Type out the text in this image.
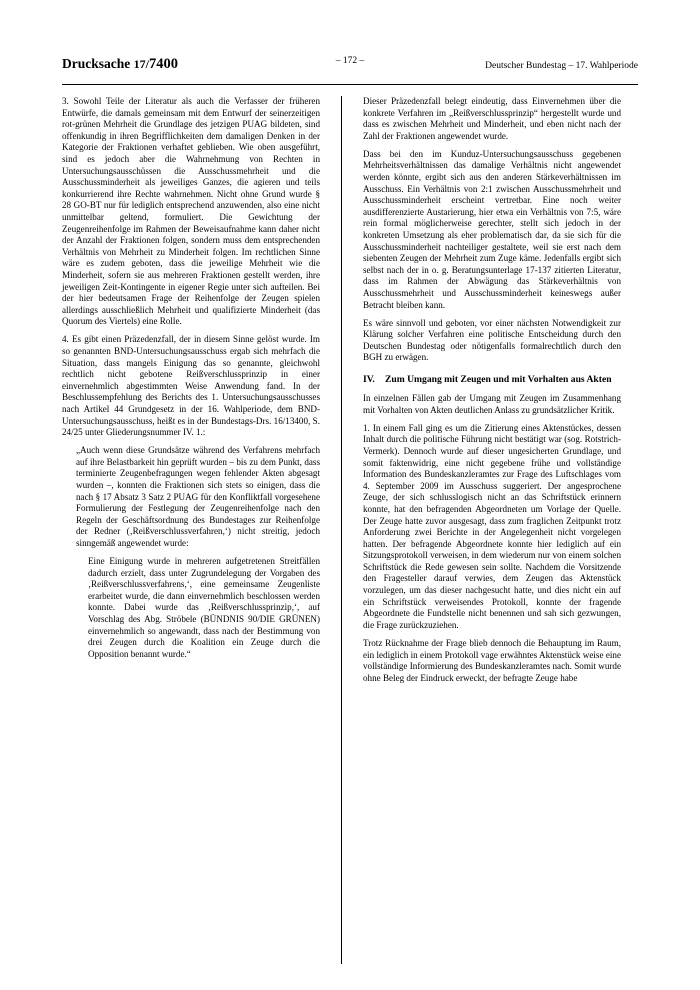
Drucksache 17/7400	– 172 –	Deutscher Bundestag – 17. Wahlperiode

3. Sowohl Teile der Literatur als auch die Verfasser der früheren Entwürfe, die damals gemeinsam mit dem Entwurf der seinerzeitigen rot-grünen Mehrheit die Grundlage des jetzigen PUAG bildeten, sind offenkundig in ihren Begrifflichkeiten dem damaligen Denken in der Kategorie der Fraktionen verhaftet geblieben. Wie oben ausgeführt, sind es jedoch aber die Wahrnehmung von Rechten in Untersuchungsausschüssen die Ausschussmehrheit und die Ausschussminderheit als jeweiliges Ganzes, die agieren und teils konkurrierend ihre Rechte wahrnehmen. Nicht ohne Grund wurde § 28 GO-BT nur für lediglich entsprechend anzuwenden, also eine nicht unmittelbar geltend, formuliert. Die Gewichtung der Zeugenreihenfolge im Rahmen der Beweisaufnahme kann daher nicht der Anzahl der Fraktionen folgen, sondern muss dem entsprechenden Verhältnis von Mehrheit zu Minderheit folgen. Im rechtlichen Sinne wäre es zudem geboten, dass die jeweilige Mehrheit wie die Minderheit, sofern sie aus mehreren Fraktionen gestellt werden, ihre jeweiligen Zeit-Kontingente in eigener Regie unter sich aufteilen. Bei der hier bedeutsamen Frage der Reihenfolge der Zeugen spielen allerdings ausschließlich Mehrheit und qualifizierte Minderheit (das Quorum des Viertels) eine Rolle.

4. Es gibt einen Präzedenzfall, der in diesem Sinne gelöst wurde. Im so genannten BND-Untersuchungsausschuss ergab sich mehrfach die Situation, dass mangels Einigung das so genannte, gleichwohl rechtlich nicht gebotene Reißverschlussprinzip in einer einvernehmlich abgestimmten Weise Anwendung fand. In der Beschlussempfehlung des Berichts des 1. Untersuchungsausschusses nach Artikel 44 Grundgesetz in der 16. Wahlperiode, dem BND-Untersuchungsausschuss, heißt es in der Bundestags-Drs. 16/13400, S. 24/25 unter Gliederungsnummer IV. 1.:

„Auch wenn diese Grundsätze während des Verfahrens mehrfach auf ihre Belastbarkeit hin geprüft wurden – bis zu dem Punkt, dass terminierte Zeugenbefragungen wegen fehlender Akten abgesagt wurden –, konnten die Fraktionen sich stets so einigen, dass die nach § 17 Absatz 3 Satz 2 PUAG für den Konfliktfall vorgesehene Formulierung der Festlegung der Zeugenreihenfolge nach den Regeln der Geschäftsordnung des Bundestages zur Reihenfolge der Redner (‚Reißverschlussverfahren,‘) nicht streitig, jedoch sinngemäß angewendet wurde:

Eine Einigung wurde in mehreren aufgetretenen Streitfällen dadurch erzielt, dass unter Zugrundelegung der Vorgaben des ‚Reißverschlussverfahrens,‘, eine gemeinsame Zeugenliste erarbeitet wurde, die dann einvernehmlich beschlossen werden konnte. Dabei wurde das ‚Reißverschlussprinzip,‘, auf Vorschlag des Abg. Ströbele (BÜNDNIS 90/DIE GRÜNEN) einvernehmlich so angewandt, dass nach der Bestimmung von drei Zeugen durch die Koalition ein Zeuge durch die Opposition benannt wurde.“

Dieser Präzedenzfall belegt eindeutig, dass Einvernehmen über die konkrete Verfahren im „Reißverschlussprinzip“ hergestellt wurde und dass es zwischen Mehrheit und Minderheit, und eben nicht nach der Zahl der Fraktionen angewendet wurde.

Dass bei den im Kunduz-Untersuchungsausschuss gegebenen Mehrheitsverhältnissen das damalige Verhältnis nicht angewendet werden könnte, ergibt sich aus den anderen Stärkeverhältnissen im Ausschuss. Ein Verhältnis von 2:1 zwischen Ausschussmehrheit und Ausschussminderheit erscheint vertretbar. Eine noch weiter ausdifferenzierte Austarierung, hier etwa ein Verhältnis von 7:5, wäre rein formal möglicherweise gerechter, stellt sich jedoch in der konkreten Umsetzung als eher problematisch dar, da sie sich für die Ausschussminderheit nachteiliger gestaltete, weil sie erst nach dem siebenten Zeugen der Mehrheit zum Zuge käme. Jedenfalls ergibt sich selbst nach der in o. g. Beratungsunterlage 17-137 zitierten Literatur, dass im Rahmen der Abwägung das Stärkeverhältnis von Ausschussmehrheit und Ausschussminderheit keineswegs außer Betracht bleiben kann.

Es wäre sinnvoll und geboten, vor einer nächsten Notwendigkeit zur Klärung solcher Verfahren eine politische Entscheidung durch den Deutschen Bundestag oder nötigenfalls formalrechtlich durch den BGH zu erwägen.

IV.	Zum Umgang mit Zeugen und mit Vorhalten aus Akten

In einzelnen Fällen gab der Umgang mit Zeugen im Zusammenhang mit Vorhalten von Akten deutlichen Anlass zu grundsätzlicher Kritik.

1. In einem Fall ging es um die Zitierung eines Aktenstückes, dessen Inhalt durch die politische Führung nicht bestätigt war (sog. Rotstrich-Vermerk). Dennoch wurde auf dieser ungesicherten Grundlage, und somit faktenwidrig, eine nicht gegebene frühe und vollständige Information des Bundeskanzleramtes zur Frage des Luftschlages vom 4. September 2009 im Ausschuss suggeriert. Der angesprochene Zeuge, der sich schlusslogisch nicht an das Schriftstück erinnern konnte, hat den befragenden Abgeordneten um Vorlage der Quelle. Der Zeuge hatte zuvor ausgesagt, dass zum fraglichen Zeitpunkt trotz Anforderung zwei Berichte in der Angelegenheit nicht vorgelegen hatten. Der befragende Abgeordnete konnte hier lediglich auf ein Sitzungsprotokoll verweisen, in dem wiederum nur von einem solchen Schriftstück die Rede gewesen sein sollte. Nachdem die Vorsitzende den Fragesteller darauf verwies, dem Zeugen das Aktenstück vorzulegen, um das dieser nachgesucht hatte, und dies nicht ein auf ein Schriftstück verweisendes Protokoll, konnte der fragende Abgeordnete die Fundstelle nicht benennen und sah sich gezwungen, die Frage zurückzuziehen.

Trotz Rücknahme der Frage blieb dennoch die Behauptung im Raum, ein lediglich in einem Protokoll vage erwähntes Aktenstück weise eine vollständige Informierung des Bundeskanzleramtes nach. Somit wurde ohne Beleg der Eindruck erweckt, der befragte Zeuge habe
